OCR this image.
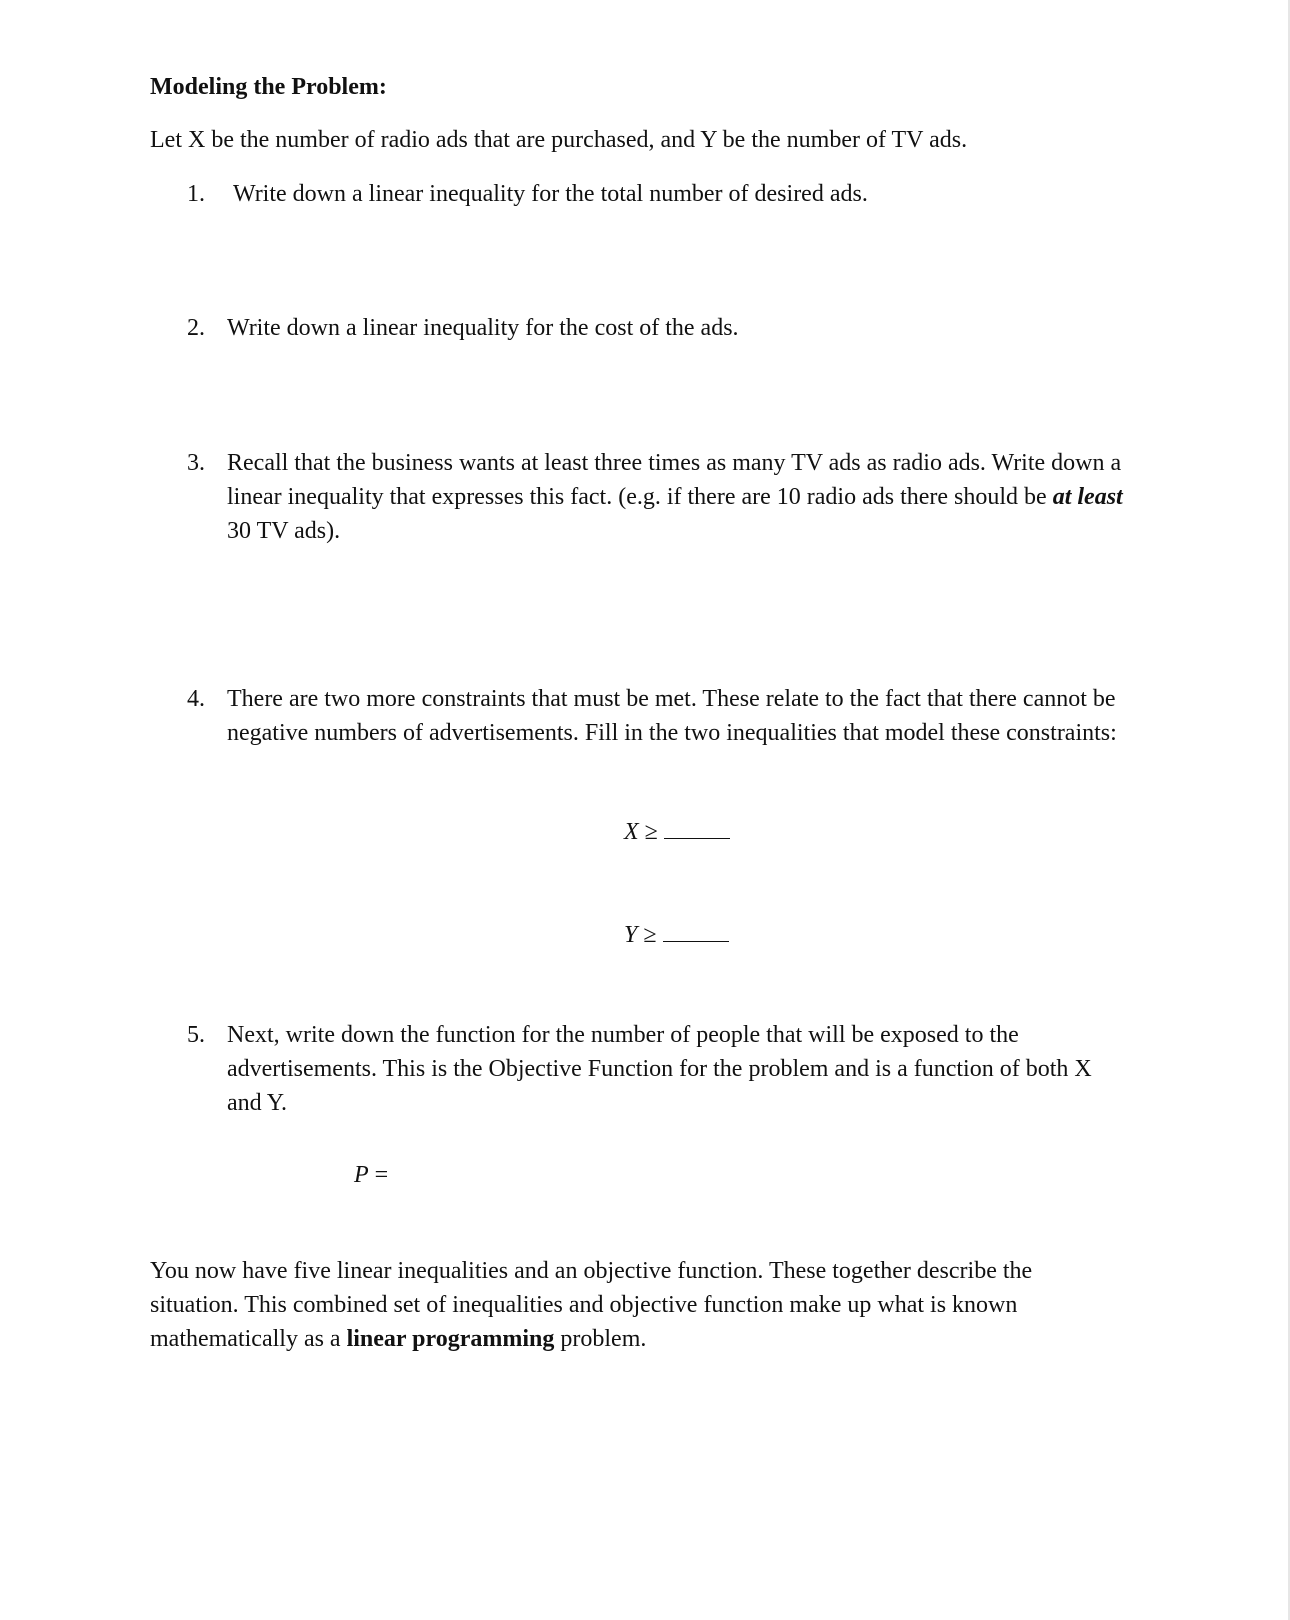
Modeling the Problem:

Let X be the number of radio ads that are purchased, and Y be the number of TV ads.

1. Write down a linear inequality for the total number of desired ads.
2. Write down a linear inequality for the cost of the ads.
3. Recall that the business wants at least three times as many TV ads as radio ads. Write down a linear inequality that expresses this fact. (e.g. if there are 10 radio ads there should be at least 30 TV ads).
4. There are two more constraints that must be met. These relate to the fact that there cannot be negative numbers of advertisements. Fill in the two inequalities that model these constraints:
X ≥
Y ≥
5. Next, write down the function for the number of people that will be exposed to the advertisements. This is the Objective Function for the problem and is a function of both X and Y.
P =

You now have five linear inequalities and an objective function. These together describe the situation. This combined set of inequalities and objective function make up what is known mathematically as a linear programming problem.
